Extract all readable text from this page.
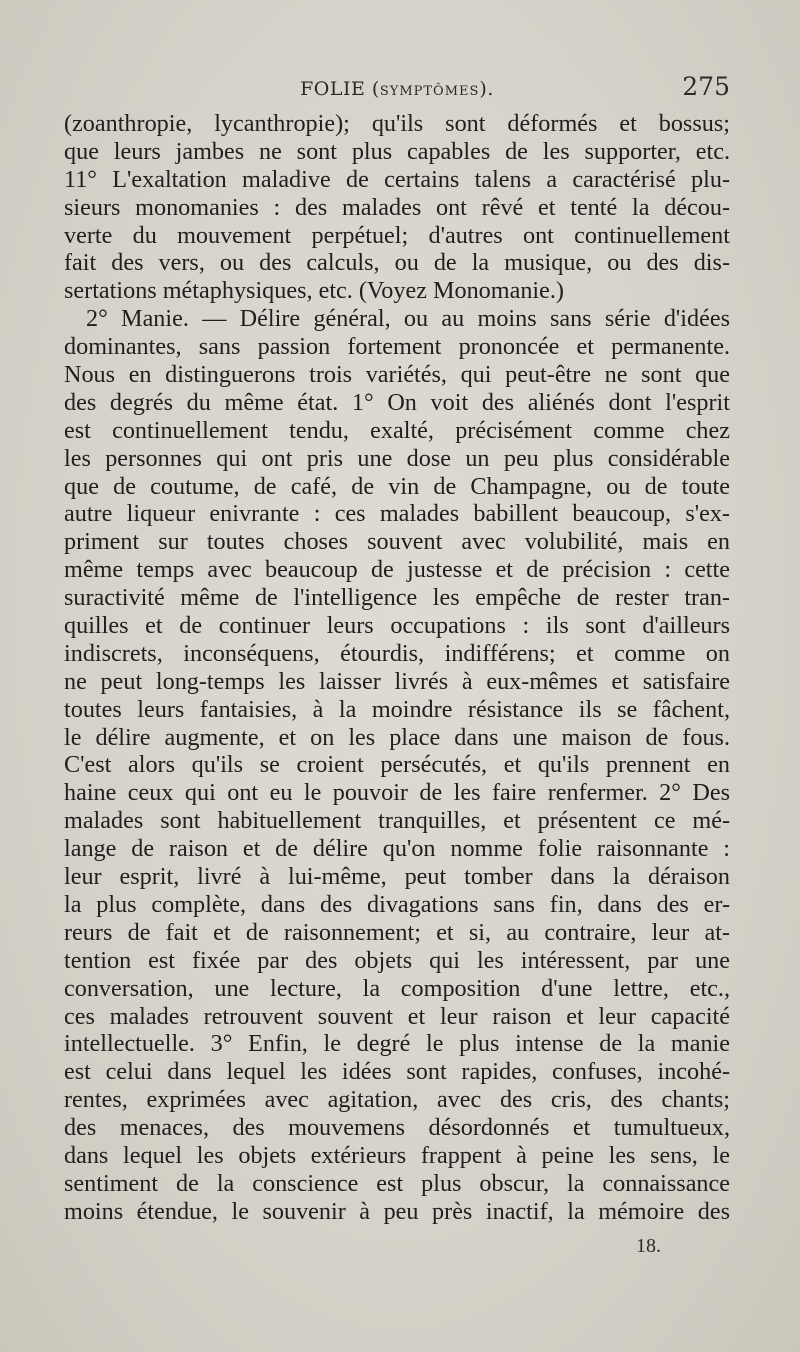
FOLIE (symptômes).	275
(zoanthropie, lycanthropie); qu'ils sont déformés et bossus;
que leurs jambes ne sont plus capables de les supporter, etc.
11° L'exaltation maladive de certains talens a caractérisé plu-
sieurs monomanies : des malades ont rêvé et tenté la décou-
verte du mouvement perpétuel; d'autres ont continuellement
fait des vers, ou des calculs, ou de la musique, ou des dis-
sertations métaphysiques, etc. (Voyez Monomanie.)
2° Manie. — Délire général, ou au moins sans série d'idées
dominantes, sans passion fortement prononcée et permanente.
Nous en distinguerons trois variétés, qui peut-être ne sont que
des degrés du même état. 1° On voit des aliénés dont l'esprit
est continuellement tendu, exalté, précisément comme chez
les personnes qui ont pris une dose un peu plus considérable
que de coutume, de café, de vin de Champagne, ou de toute
autre liqueur enivrante : ces malades babillent beaucoup, s'ex-
priment sur toutes choses souvent avec volubilité, mais en
même temps avec beaucoup de justesse et de précision : cette
suractivité même de l'intelligence les empêche de rester tran-
quilles et de continuer leurs occupations : ils sont d'ailleurs
indiscrets, inconséquens, étourdis, indifférens; et comme on
ne peut long-temps les laisser livrés à eux-mêmes et satisfaire
toutes leurs fantaisies, à la moindre résistance ils se fâchent,
le délire augmente, et on les place dans une maison de fous.
C'est alors qu'ils se croient persécutés, et qu'ils prennent en
haine ceux qui ont eu le pouvoir de les faire renfermer. 2° Des
malades sont habituellement tranquilles, et présentent ce mé-
lange de raison et de délire qu'on nomme folie raisonnante :
leur esprit, livré à lui-même, peut tomber dans la déraison
la plus complète, dans des divagations sans fin, dans des er-
reurs de fait et de raisonnement; et si, au contraire, leur at-
tention est fixée par des objets qui les intéressent, par une
conversation, une lecture, la composition d'une lettre, etc.,
ces malades retrouvent souvent et leur raison et leur capacité
intellectuelle. 3° Enfin, le degré le plus intense de la manie
est celui dans lequel les idées sont rapides, confuses, incohé-
rentes, exprimées avec agitation, avec des cris, des chants;
des menaces, des mouvemens désordonnés et tumultueux,
dans lequel les objets extérieurs frappent à peine les sens, le
sentiment de la conscience est plus obscur, la connaissance
moins étendue, le souvenir à peu près inactif, la mémoire des
18.
